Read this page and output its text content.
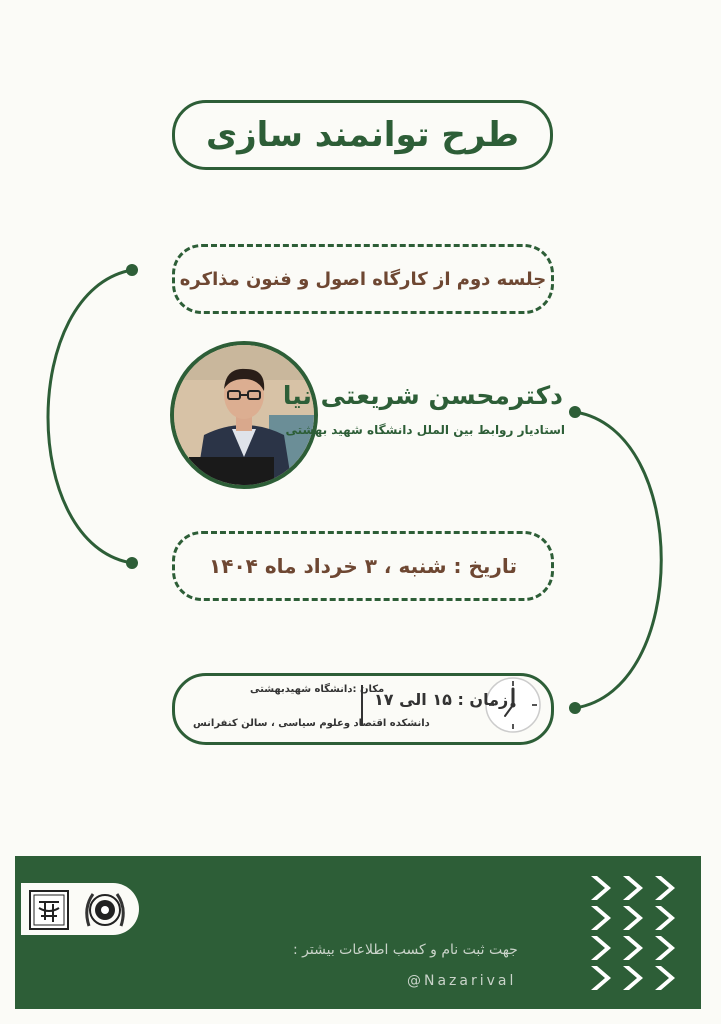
طرح توانمند سازی
جلسه دوم از کارگاه اصول و فنون مذاکره
دکترمحسن شریعتی نیا
استادیار روابط بین الملل دانشگاه شهید بهشتی
تاریخ : شنبه ، ۳ خرداد ماه ۱۴۰۴
زمان : ۱۵ الی ۱۷
مکان :دانشگاه شهیدبهشتی
دانشکده اقتصاد وعلوم سیاسی ، سالن کنفرانس
جهت ثبت نام و کسب اطلاعات بیشتر :
@Nazarival
